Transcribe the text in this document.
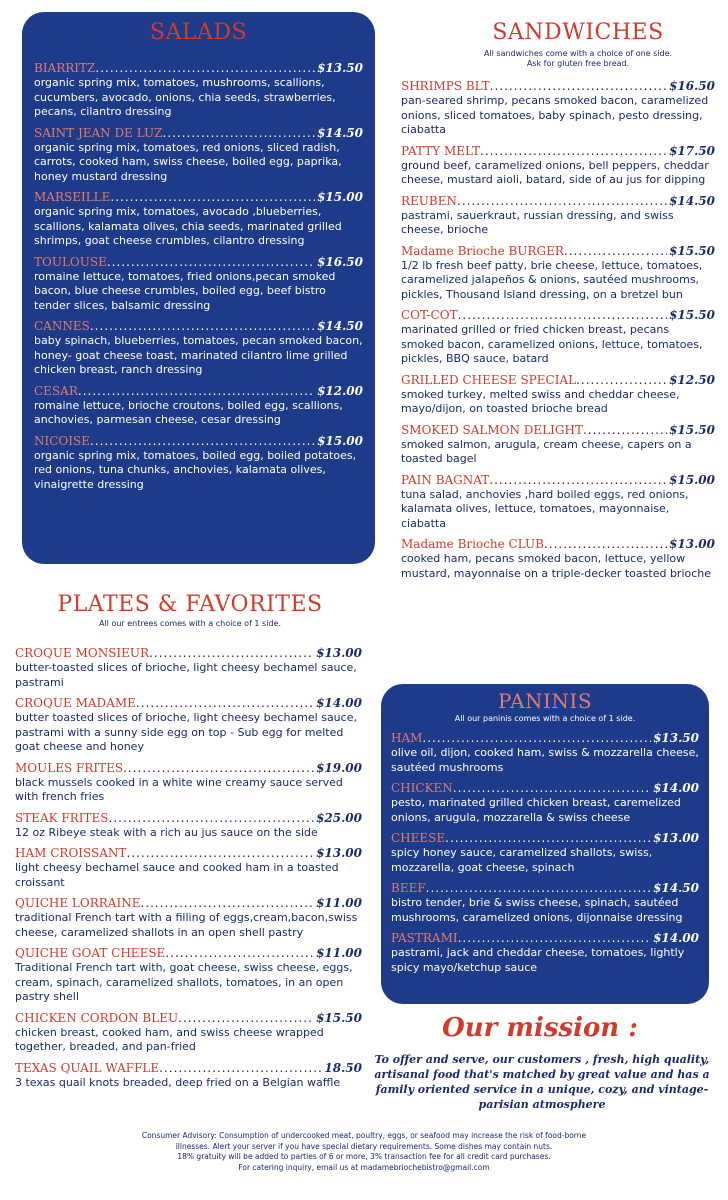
SALADS
BIARRITZ .....	$13.50
organic spring mix, tomatoes, mushrooms, scallions, cucumbers, avocado, onions, chia seeds, strawberries, pecans, cilantro dressing
SAINT JEAN DE LUZ .....	$14.50
organic spring mix, tomatoes, red onions, sliced radish, carrots, cooked ham, swiss cheese, boiled egg, paprika, honey mustard dressing
MARSEILLE .....	$15.00
organic spring mix, tomatoes, avocado ,blueberries, scallions, kalamata olives, chia seeds, marinated grilled shrimps, goat cheese crumbles, cilantro dressing
TOULOUSE .....	$16.50
romaine lettuce, tomatoes, fried onions,pecan smoked bacon, blue cheese crumbles, boiled egg, beef bistro tender slices, balsamic dressing
CANNES .....	$14.50
baby spinach, blueberries, tomatoes, pecan smoked bacon, honey- goat cheese toast, marinated cilantro lime grilled chicken breast, ranch dressing
CESAR .....	$12.00
romaine lettuce, brioche croutons, boiled egg, scallions, anchovies, parmesan cheese, cesar dressing
NICOISE .....	$15.00
organic spring mix, tomatoes, boiled egg, boiled potatoes, red onions, tuna chunks, anchovies, kalamata olives, vinaigrette dressing
SANDWICHES
All sandwiches come with a choice of one side.
Ask for gluten free bread.
SHRIMPS BLT .....	$16.50
pan-seared shrimp, pecans smoked bacon, caramelized onions, sliced tomatoes, baby spinach, pesto dressing, ciabatta
PATTY MELT .....	$17.50
ground beef, caramelized onions, bell peppers, cheddar cheese, mustard aioli, batard, side of au jus for dipping
REUBEN .....	$14.50
pastrami, sauerkraut, russian dressing, and swiss cheese, brioche
Madame Brioche BURGER .....	$15.50
1/2 lb fresh beef patty, brie cheese, lettuce, tomatoes, caramelized jalapeños & onions, sautéed mushrooms, pickles, Thousand Island dressing, on a bretzel bun
COT-COT .....	$15.50
marinated grilled or fried chicken breast, pecans smoked bacon, caramelized onions, lettuce, tomatoes, pickles, BBQ sauce, batard
GRILLED CHEESE SPECIAL .....	$12.50
smoked turkey, melted swiss and cheddar cheese, mayo/dijon, on toasted brioche bread
SMOKED SALMON DELIGHT .....	$15.50
smoked salmon, arugula, cream cheese, capers on a toasted bagel
PAIN BAGNAT .....	$15.00
tuna salad, anchovies ,hard boiled eggs, red onions, kalamata olives, lettuce, tomatoes, mayonnaise, ciabatta
Madame Brioche CLUB .....	$13.00
cooked ham, pecans smoked bacon, lettuce, yellow mustard, mayonnaise on a triple-decker toasted brioche
PLATES & FAVORITES
All our entrees comes with a choice of 1 side.
CROQUE MONSIEUR .....	$13.00
butter-toasted slices of brioche, light cheesy bechamel sauce, pastrami
CROQUE MADAME .....	$14.00
butter toasted slices of brioche, light cheesy bechamel sauce, pastrami with a sunny side egg on top - Sub egg for melted goat cheese and honey
MOULES FRITES .....	$19.00
black mussels cooked in a white wine creamy sauce served with french fries
STEAK FRITES .....	$25.00
12 oz Ribeye steak with a rich au jus sauce on the side
HAM CROISSANT .....	$13.00
light cheesy bechamel sauce and cooked ham in a toasted croissant
QUICHE LORRAINE .....	$11.00
traditional French tart with a filling of eggs,cream,bacon,swiss cheese, caramelized shallots in an open shell pastry
QUICHE GOAT CHEESE .....	$11.00
Traditional French tart with, goat cheese, swiss cheese, eggs, cream, spinach, caramelized shallots, tomatoes, in an open pastry shell
CHICKEN CORDON BLEU .....	$15.50
chicken breast, cooked ham, and swiss cheese wrapped together, breaded, and pan-fried
TEXAS QUAIL WAFFLE .....	18.50
3 texas quail knots breaded, deep fried on a Belgian waffle
PANINIS
All our paninis comes with a choice of 1 side.
HAM .....	$13.50
olive oil, dijon, cooked ham, swiss & mozzarella cheese, sautéed mushrooms
CHICKEN .....	$14.00
pesto, marinated grilled chicken breast, caremelized onions, arugula, mozzarella & swiss cheese
CHEESE .....	$13.00
spicy honey sauce, caramelized shallots, swiss, mozzarella, goat cheese, spinach
BEEF .....	$14.50
bistro tender, brie & swiss cheese, spinach, sautéed mushrooms, caramelized onions, dijonnaise dressing
PASTRAMI .....	$14.00
pastrami, jack and cheddar cheese, tomatoes, lightly spicy mayo/ketchup sauce
Our mission :
To offer and serve, our customers , fresh, high quality, artisanal food that's matched by great value and has a family oriented service in a unique, cozy, and vintage-parisian atmosphere
Consumer Advisory: Consumption of undercooked meat, poultry, eggs, or seafood may increase the risk of food-borne
illnesses. Alert your server if you have special dietary requirements. Some dishes may contain nuts.
18% gratuity will be added to parties of 6 or more, 3% transaction fee for all credit card purchases.
For catering inquiry, email us at madamebriochebistro@gmail.com
